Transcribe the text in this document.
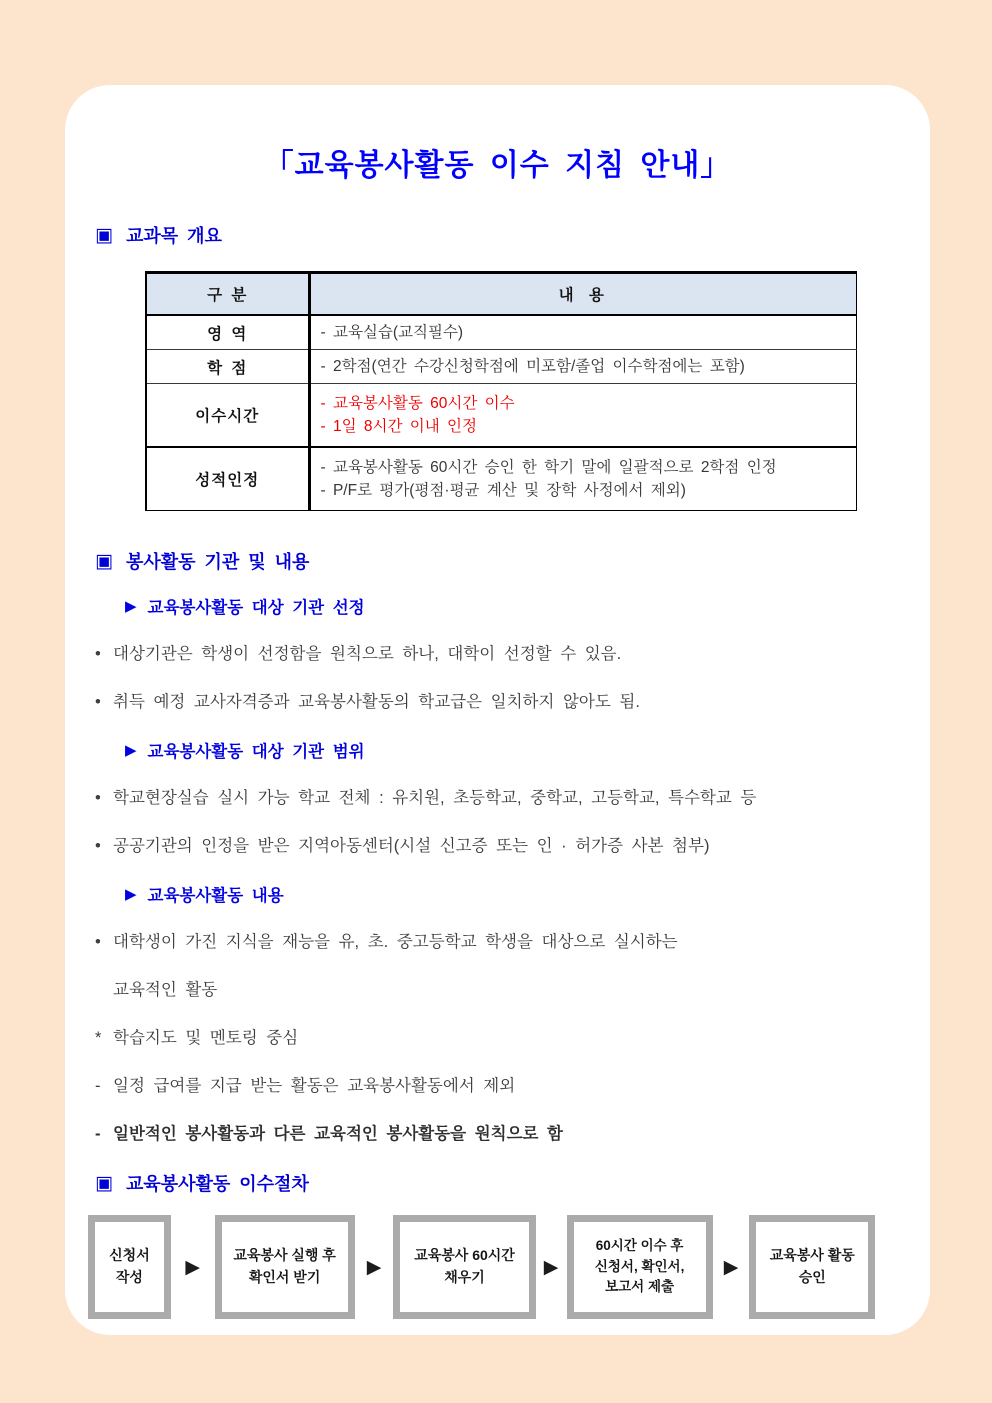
「교육봉사활동 이수 지침 안내」
▣ 교과목 개요
구 분	내 용
영 역	- 교육실습(교직필수)

학 점	- 2학점(연간 수강신청학점에 미포함/졸업 이수학점에는 포함)

이수시간	- 교육봉사활동 60시간 이수
- 1일 8시간 이내 인정

성적인정	- 교육봉사활동 60시간 승인 한 학기 말에 일괄적으로 2학점 인정
- P/F로 평가(평점·평균 계산 및 장학 사정에서 제외)
▣ 봉사활동 기관 및 내용
▶ 교육봉사활동 대상 기관 선정
• 대상기관은 학생이 선정함을 원칙으로 하나, 대학이 선정할 수 있음.
• 취득 예정 교사자격증과 교육봉사활동의 학교급은 일치하지 않아도 됨.
▶ 교육봉사활동 대상 기관 범위
• 학교현장실습 실시 가능 학교 전체 : 유치원, 초등학교, 중학교, 고등학교, 특수학교 등
• 공공기관의 인정을 받은 지역아동센터(시설 신고증 또는 인 · 허가증 사본 첨부)
▶ 교육봉사활동 내용
• 대학생이 가진 지식을 재능을 유, 초. 중고등학교 학생을 대상으로 실시하는
교육적인 활동
* 학습지도 및 멘토링 중심
- 일정 급여를 지급 받는 활동은 교육봉사활동에서 제외
- 일반적인 봉사활동과 다른 교육적인 봉사활동을 원칙으로 함
▣ 교육봉사활동 이수절차
신청서
작성	▶
교육봉사 실행 후
확인서 받기	▶
교육봉사 60시간
채우기	▶
60시간 이수 후
신청서, 확인서,
보고서 제출
▶
교육봉사 활동
승인
